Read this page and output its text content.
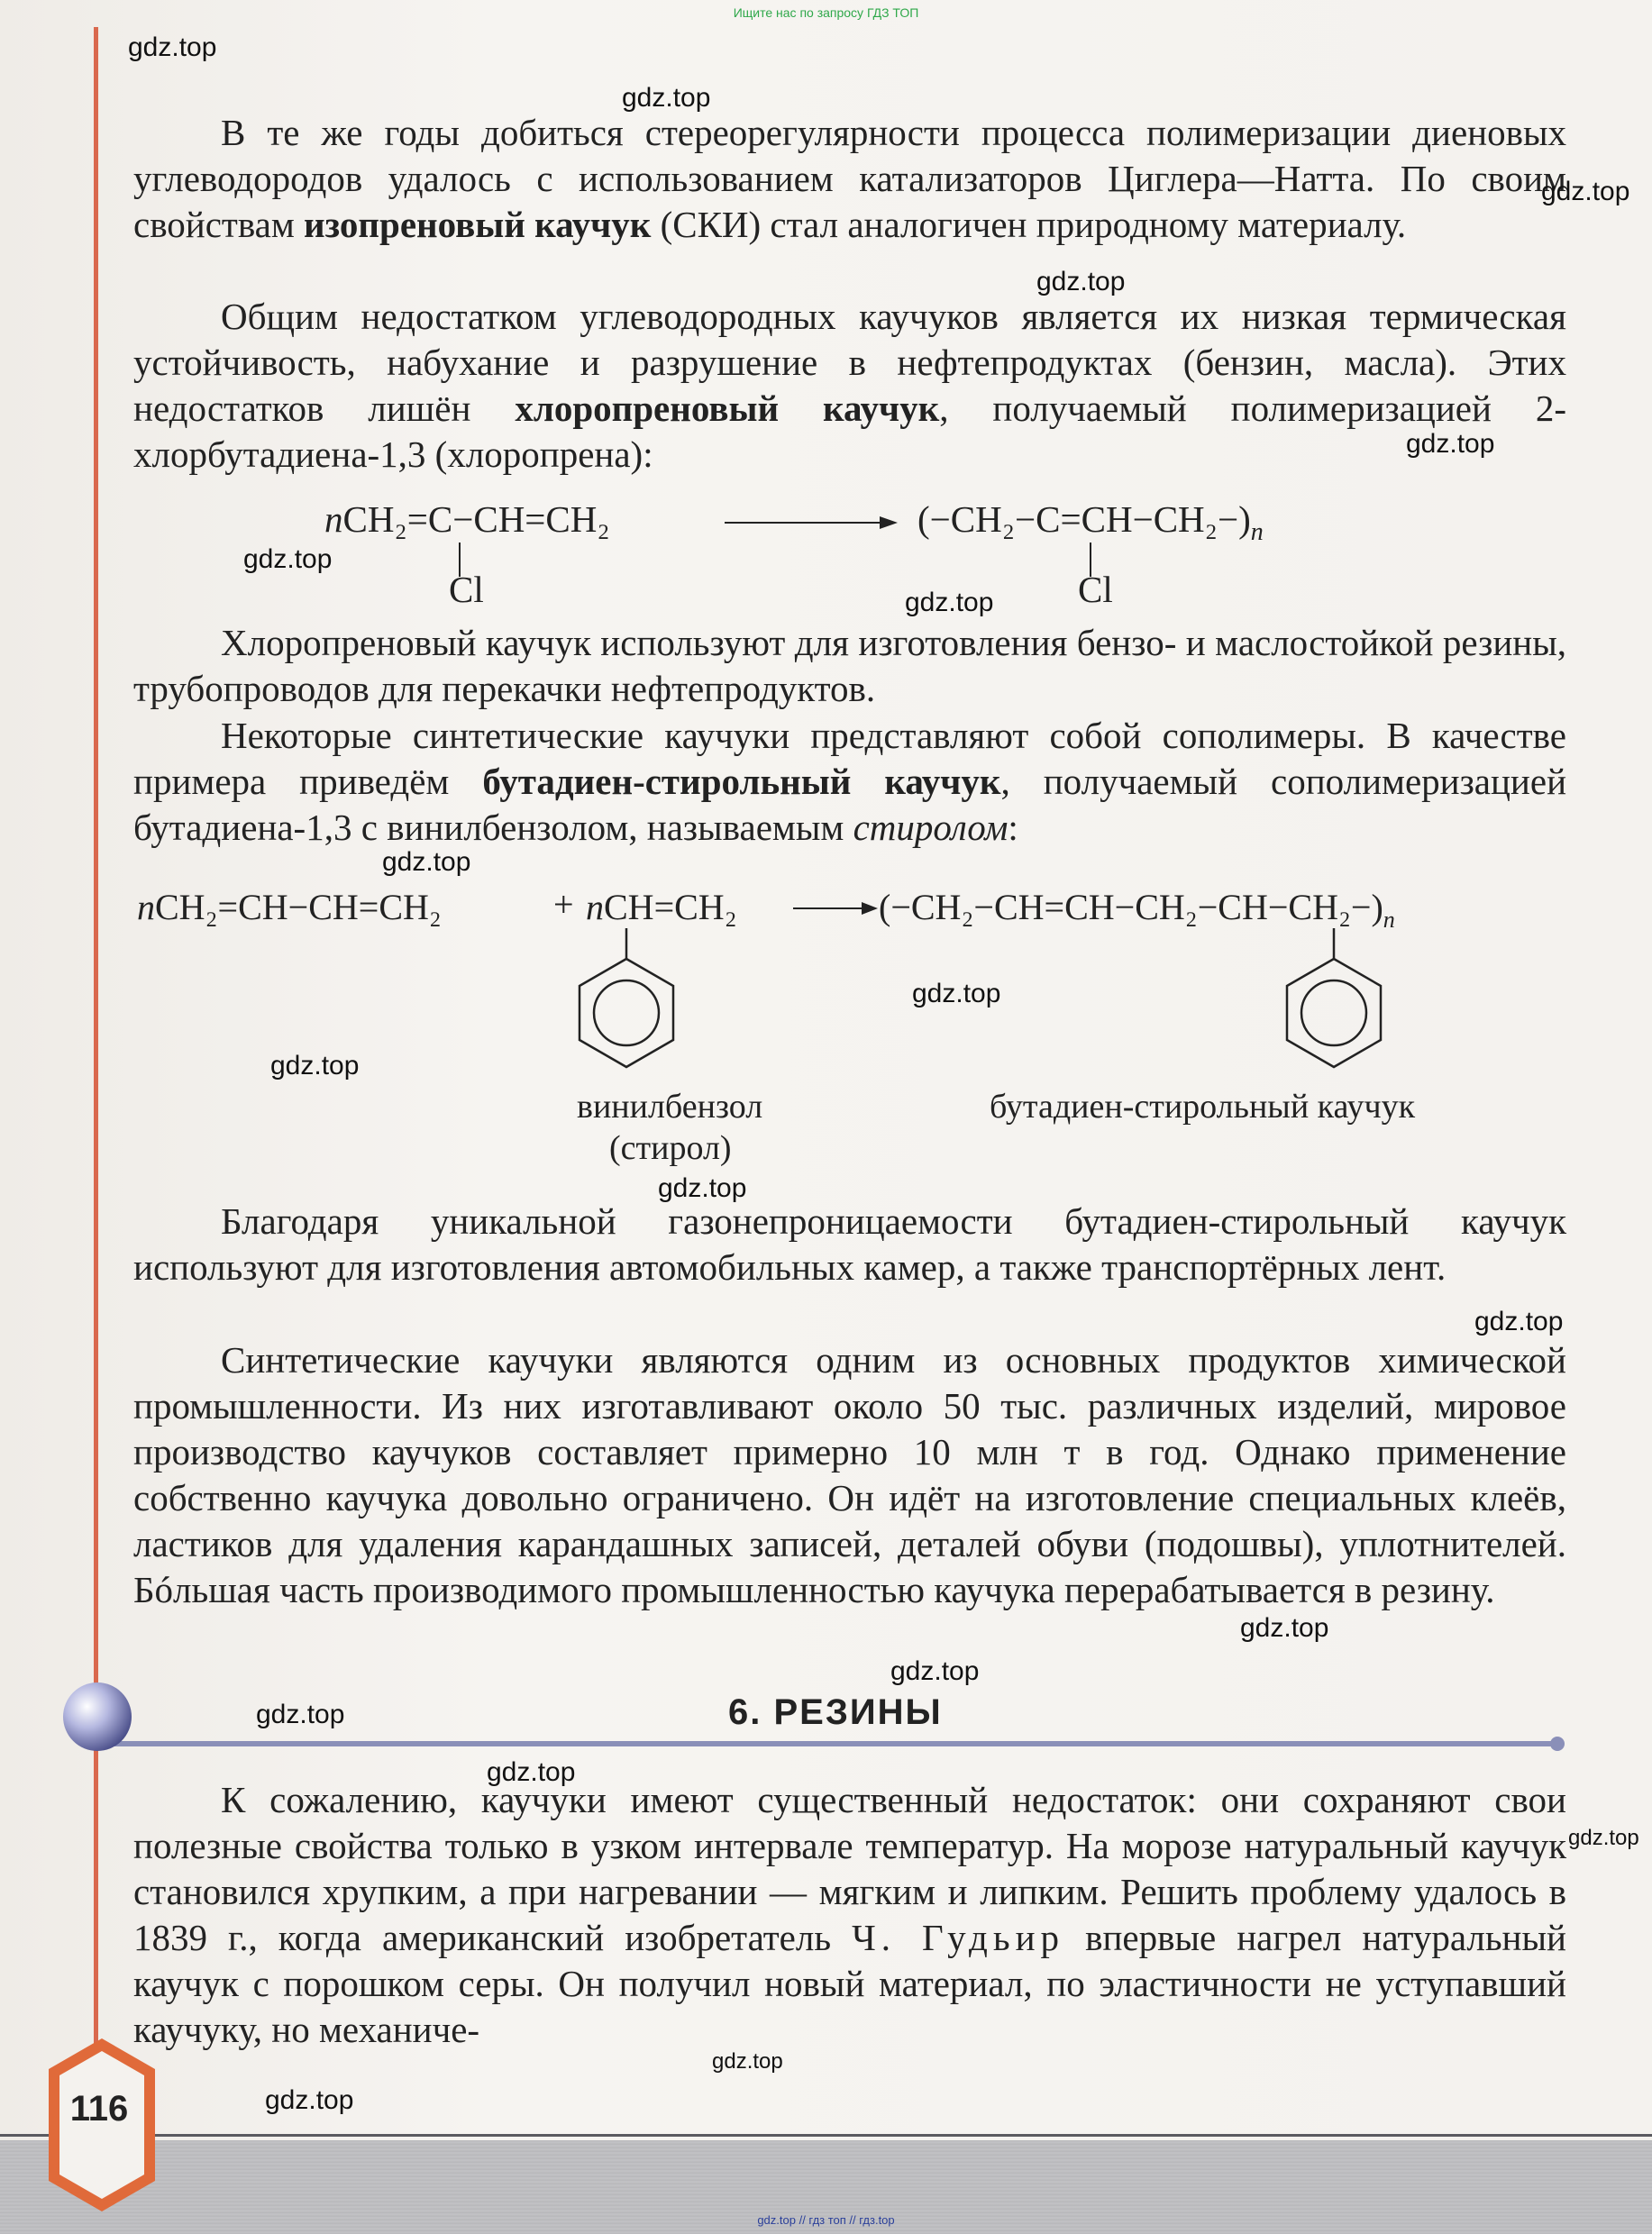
Ищите нас по запросу ГДЗ ТОП

В те же годы добиться стереорегулярности процесса полимеризации диеновых углеводородов удалось с использованием катализаторов Циглера—Натта. По своим свойствам изопреновый каучук (СКИ) стал аналогичен природному материалу.

Общим недостатком углеводородных каучуков является их низкая термическая устойчивость, набухание и разрушение в нефтепродуктах (бензин, масла). Этих недостатков лишён хлоропреновый каучук, получаемый полимеризацией 2-хлорбутадиена-1,3 (хлоропрена):

nCH₂=C−CH=CH₂
Cl
$(-CH_2-C=CH-CH_2-)_n$
Cl

Хлоропреновый каучук используют для изготовления бензо- и маслостойкой резины, трубопроводов для перекачки нефтепродуктов.

Некоторые синтетические каучуки представляют собой сополимеры. В качестве примера приведём бутадиен-стирольный каучук, получаемый сополимеризацией бутадиена-1,3 с винилбензолом, называемым стиролом:

nCH₂=CH−CH=CH₂	+ nCH=CH₂	$(-CH_2-CH=CH-CH_2-CH-CH_2-)_n$
винилбензол
(стирол)
бутадиен-стирольный каучук

Благодаря уникальной газонепроницаемости бутадиен-стирольный каучук используют для изготовления автомобильных камер, а также транспортёрных лент.

Синтетические каучуки являются одним из основных продуктов химической промышленности. Из них изготавливают около 50 тыс. различных изделий, мировое производство каучуков составляет примерно 10 млн т в год. Однако применение собственно каучука довольно ограничено. Он идёт на изготовление специальных клеёв, ластиков для удаления карандашных записей, деталей обуви (подошвы), уплотнителей. Бóльшая часть производимого промышленностью каучука перерабатывается в резину.

6. РЕЗИНЫ

К сожалению, каучуки имеют существенный недостаток: они сохраняют свои полезные свойства только в узком интервале температур. На морозе натуральный каучук становился хрупким, а при нагревании — мягким и липким. Решить проблему удалось в 1839 г., когда американский изобретатель Ч. Гудьир впервые нагрел натуральный каучук с порошком серы. Он получил новый материал, по эластичности не уступавший каучуку, но механиче-

116
gdz.top // гдз топ // гдз.top
gdz.top
gdz.top
gdz.top
gdz.top
gdz.top
gdz.top
gdz.top
gdz.top
gdz.top
gdz.top
gdz.top
gdz.top
gdz.top
gdz.top
gdz.top
gdz.top
gdz.top
gdz.top
gdz.top
